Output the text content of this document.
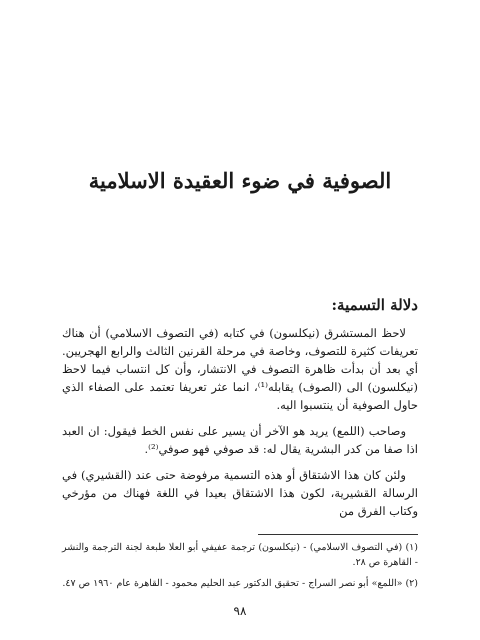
الصوفية في ضوء العقيدة الاسلامية
دلالة التسمية:

لاحظ المستشرق (نيكلسون) في كتابه (في التصوف الاسلامي) أن هناك تعريفات كثيرة للتصوف، وخاصة في مرحلة القرنين الثالث والرابع الهجريين. أي بعد أن بدأت ظاهرة التصوف في الانتشار، وأن كل انتساب فيما لاحظ (نيكلسون) الى (الصوف) يقابله⁽¹⁾، انما عثر تعريفا تعتمد على الصفاء الذي حاول الصوفية أن ينتسبوا اليه.

وصاحب (اللمع) يريد هو الآخر أن يسير على نفس الخط فيقول: ان العبد اذا صفا من كدر البشرية يقال له: قد صوفي فهو صوفي⁽²⁾.

ولئن كان هذا الاشتقاق أو هذه التسمية مرفوضة حتى عند (القشيري) في الرسالة القشيرية، لكون هذا الاشتقاق بعيدا في اللغة فهناك من مؤرخي وكتاب الفرق من

(١) (في التصوف الاسلامي) - (نيكلسون) ترجمة عفيفي أبو العلا طبعة لجنة الترجمة والنشر - القاهرة ص ٢٨.

(٢) «اللمع» أبو نصر السراج - تحقيق الدكتور عبد الحليم محمود - القاهرة عام ١٩٦٠ ص ٤٧.

٩٨
